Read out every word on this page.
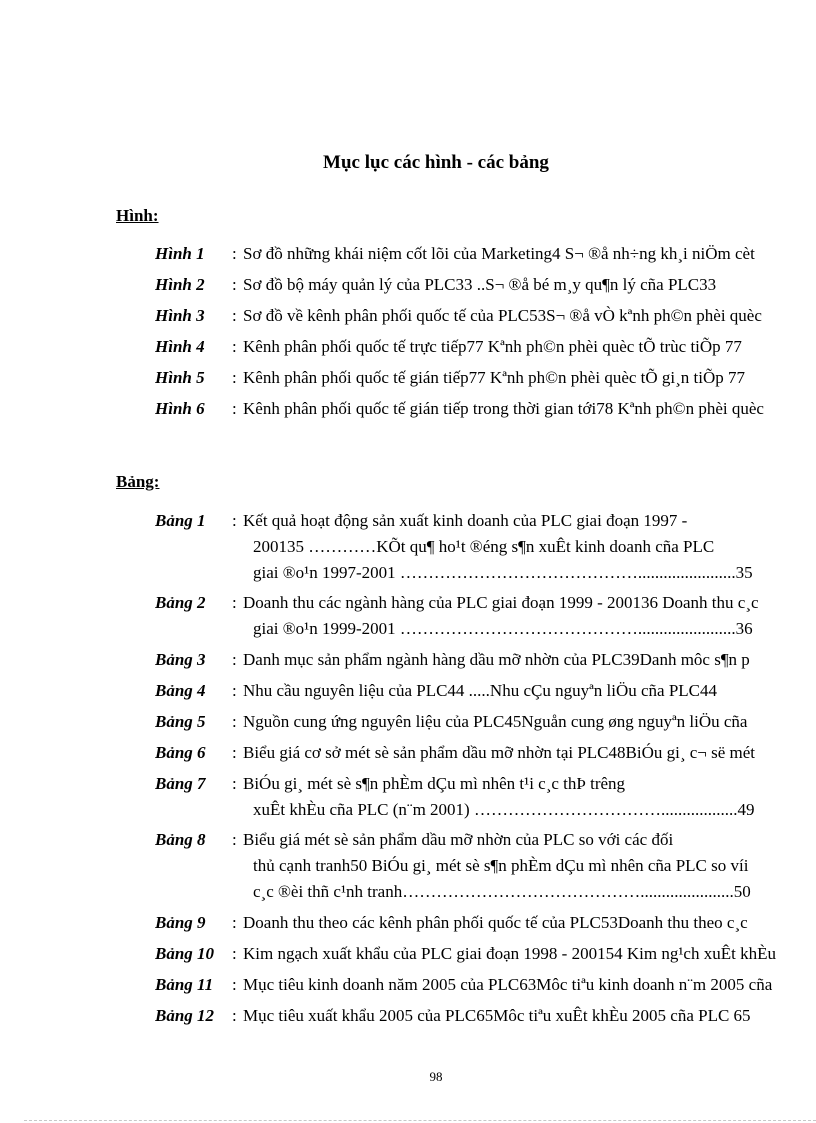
Mục lục các hình - các bảng
Hình:
Hình 1 : Sơ đồ những khái niệm cốt lõi của Marketing4 S¬ ®å nh÷ng kh¸i niÖm cèt
Hình 2 : Sơ đồ bộ máy quản lý của PLC33 ..S¬ ®å bé m¸y qu¶n lý cña PLC33
Hình 3 : Sơ đồ về kênh phân phối quốc tế của PLC53S¬ ®å vÒ kªnh ph©n phèi quèc
Hình 4 : Kênh phân phối quốc tế trực tiếp77 Kªnh ph©n phèi quèc tÕ trùc tiÕp 77
Hình 5 : Kênh phân phối quốc tế gián tiếp77 Kªnh ph©n phèi quèc tÕ gi¸n tiÕp 77
Hình 6 : Kênh phân phối quốc tế gián tiếp trong thời gian tới78 Kªnh ph©n phèi quèc
Bảng:
Bảng 1 : Kết quả hoạt động sản xuất kinh doanh của PLC giai đoạn 1997 -
200135 …………KÕt qu¶ ho¹t ®éng s¶n xuÊt kinh doanh cña PLC
giai ®o¹n 1997-2001 …………………………………….......................35
Bảng 2 : Doanh thu các ngành hàng của PLC giai đoạn 1999 - 200136 Doanh thu c¸c
giai ®o¹n 1999-2001 …………………………………….......................36
Bảng 3 : Danh mục sản phẩm ngành hàng dầu mỡ nhờn của PLC39Danh môc s¶n p
Bảng 4 : Nhu cầu nguyên liệu của PLC44 .....Nhu cÇu nguyªn liÖu cña PLC44
Bảng 5 : Nguồn cung ứng nguyên liệu của PLC45Nguån cung øng nguyªn liÖu cña
Bảng 6 : Biểu giá cơ sở mét sè sản phẩm dầu mỡ nhờn tại PLC48BiÓu gi¸ c¬ së mét
Bảng 7 : BiÓu gi¸ mét sè s¶n phÈm dÇu mì nhên t¹i c¸c thÞ trêng
xuÊt khÈu cña PLC (n¨m 2001) ……………………………..................49
Bảng 8 : Biểu giá mét sè sản phẩm dầu mỡ nhờn của PLC so với các đối
thủ cạnh tranh50 BiÓu gi¸ mét sè s¶n phÈm dÇu mì nhên cña PLC so víi
c¸c ®èi thñ c¹nh tranh……………………………………......................50
Bảng 9 : Doanh thu theo các kênh phân phối quốc tế của PLC53Doanh thu theo c¸c
Bảng 10 : Kim ngạch xuất khẩu của PLC giai đoạn 1998 - 200154 Kim ng¹ch xuÊt khÈu
Bảng 11 : Mục tiêu kinh doanh năm 2005 của PLC63Môc tiªu kinh doanh n¨m 2005 cña
Bảng 12 : Mục tiêu xuất khẩu 2005 của PLC65Môc tiªu xuÊt khÈu 2005 cña PLC 65
98
